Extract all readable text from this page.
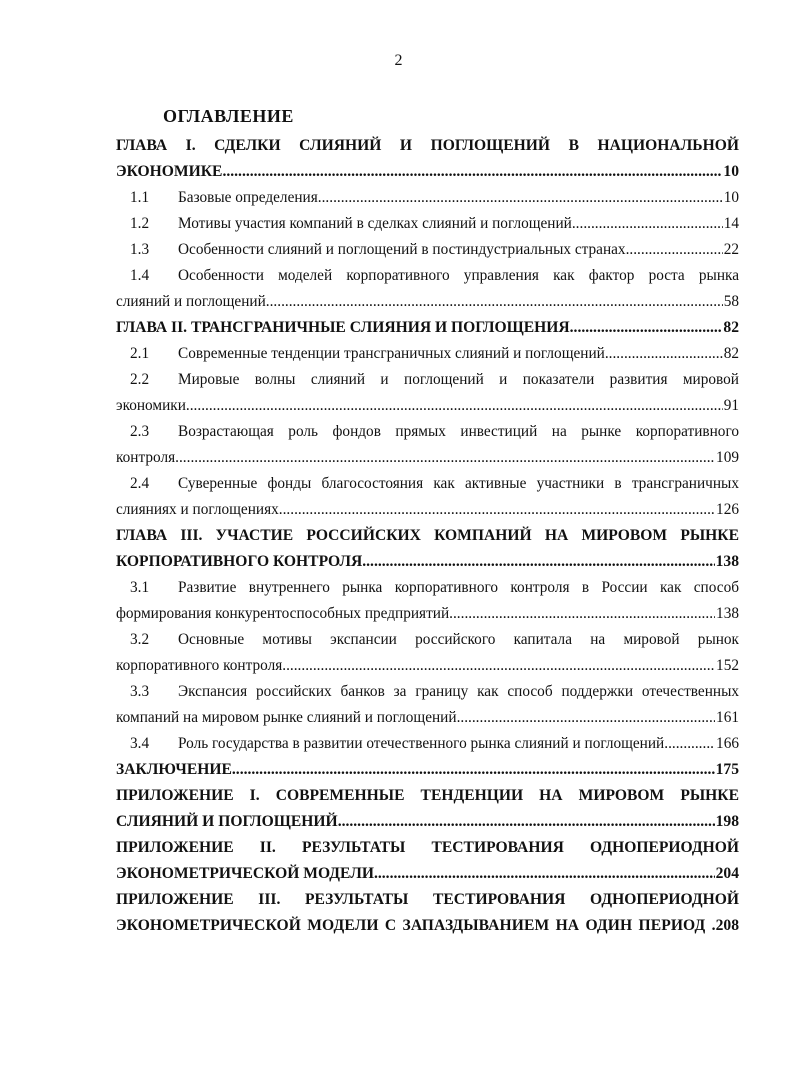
2
ОГЛАВЛЕНИЕ
ГЛАВА I. СДЕЛКИ СЛИЯНИЙ И ПОГЛОЩЕНИЙ В НАЦИОНАЛЬНОЙ
ЭКОНОМИКЕ .....	10
1.1	Базовые определения .....	10
1.2	Мотивы участия компаний в сделках слияний и поглощений .....	14
1.3	Особенности слияний и поглощений в постиндустриальных странах .....	22
1.4	Особенности моделей корпоративного управления как фактор роста рынка
слияний и поглощений .....	58
ГЛАВА II. ТРАНСГРАНИЧНЫЕ СЛИЯНИЯ И ПОГЛОЩЕНИЯ .....	82
2.1	Современные тенденции трансграничных слияний и поглощений .....	82
2.2	Мировые волны слияний и поглощений и показатели развития мировой
экономики .....	91
2.3	Возрастающая роль фондов прямых инвестиций на рынке корпоративного
контроля .....	109
2.4	Суверенные фонды благосостояния как активные участники в трансграничных
слияниях и поглощениях .....	126
ГЛАВА III. УЧАСТИЕ РОССИЙСКИХ КОМПАНИЙ НА МИРОВОМ РЫНКЕ
КОРПОРАТИВНОГО КОНТРОЛЯ .....	138
3.1	Развитие внутреннего рынка корпоративного контроля в России как способ
формирования конкурентоспособных предприятий .....	138
3.2	Основные мотивы экспансии российского капитала на мировой рынок
корпоративного контроля .....	152
3.3	Экспансия российских банков за границу как способ поддержки отечественных
компаний на мировом рынке слияний и поглощений .....	161
3.4	Роль государства в развитии отечественного рынка слияний и поглощений .....	166
ЗАКЛЮЧЕНИЕ .....	175
ПРИЛОЖЕНИЕ I. СОВРЕМЕННЫЕ ТЕНДЕНЦИИ НА МИРОВОМ РЫНКЕ
СЛИЯНИЙ И ПОГЛОЩЕНИЙ .....	198
ПРИЛОЖЕНИЕ II. РЕЗУЛЬТАТЫ ТЕСТИРОВАНИЯ ОДНОПЕРИОДНОЙ
ЭКОНОМЕТРИЧЕСКОЙ МОДЕЛИ .....	204
ПРИЛОЖЕНИЕ III. РЕЗУЛЬТАТЫ ТЕСТИРОВАНИЯ ОДНОПЕРИОДНОЙ
ЭКОНОМЕТРИЧЕСКОЙ МОДЕЛИ С ЗАПАЗДЫВАНИЕМ НА ОДИН ПЕРИОД . 208
